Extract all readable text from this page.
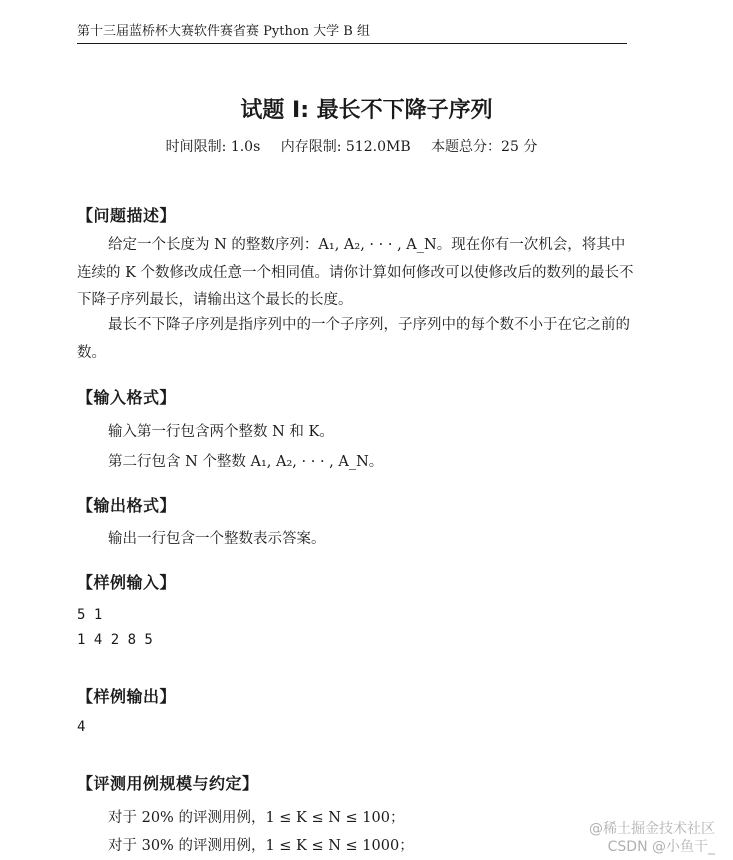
第十三届蓝桥杯大赛软件赛省赛 Python 大学 B 组
试题 I: 最长不下降子序列
时间限制: 1.0s 内存限制: 512.0MB 本题总分：25 分
【问题描述】
给定一个长度为 N 的整数序列：A₁, A₂, · · · , A_N。现在你有一次机会，将其中连续的 K 个数修改成任意一个相同值。请你计算如何修改可以使修改后的数列的最长不下降子序列最长，请输出这个最长的长度。
最长不下降子序列是指序列中的一个子序列，子序列中的每个数不小于在它之前的数。
【输入格式】
输入第一行包含两个整数 N 和 K。
第二行包含 N 个整数 A₁, A₂, · · · , A_N。
【输出格式】
输出一行包含一个整数表示答案。
【样例输入】
5 1
1 4 2 8 5
【样例输出】
4
【评测用例规模与约定】
对于 20% 的评测用例，1 ≤ K ≤ N ≤ 100；
对于 30% 的评测用例，1 ≤ K ≤ N ≤ 1000；
@稀土掘金技术社区
CSDN @小鱼干_
